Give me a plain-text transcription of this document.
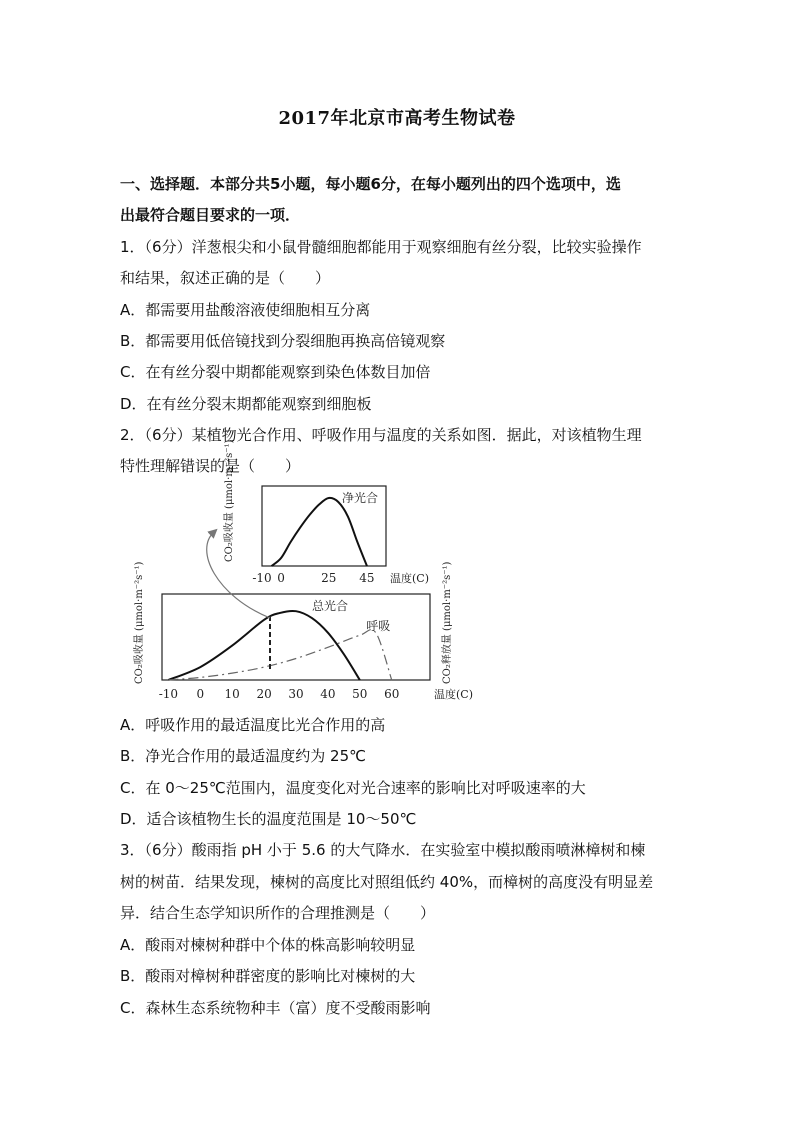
2017年北京市高考生物试卷
一、选择题．本部分共5小题，每小题6分，在每小题列出的四个选项中，选
出最符合题目要求的一项．
1．（6分）洋葱根尖和小鼠骨髓细胞都能用于观察细胞有丝分裂，比较实验操作
和结果，叙述正确的是（　　）
A．都需要用盐酸溶液使细胞相互分离
B．都需要用低倍镜找到分裂细胞再换高倍镜观察
C．在有丝分裂中期都能观察到染色体数目加倍
D．在有丝分裂末期都能观察到细胞板
2．（6分）某植物光合作用、呼吸作用与温度的关系如图．据此，对该植物生理
特性理解错误的是（　　）
CO₂吸收量 (μmol·m⁻²s⁻¹)
CO₂吸收量 (μmol·m⁻²s⁻¹)	CO₂释放量 (μmol·m⁻²s⁻¹)
净光合
-10 0	25 45 温度(C)
总光合
呼吸
-10 0 10 20 30 40 50 60	温度(C)
A．呼吸作用的最适温度比光合作用的高
B．净光合作用的最适温度约为 25℃
C．在 0～25℃范围内，温度变化对光合速率的影响比对呼吸速率的大
D．适合该植物生长的温度范围是 10～50℃
3．（6分）酸雨指 pH 小于 5.6 的大气降水．在实验室中模拟酸雨喷淋樟树和楝
树的树苗．结果发现，楝树的高度比对照组低约 40%，而樟树的高度没有明显差
异．结合生态学知识所作的合理推测是（　　）
A．酸雨对楝树种群中个体的株高影响较明显
B．酸雨对樟树种群密度的影响比对楝树的大
C．森林生态系统物种丰（富）度不受酸雨影响
